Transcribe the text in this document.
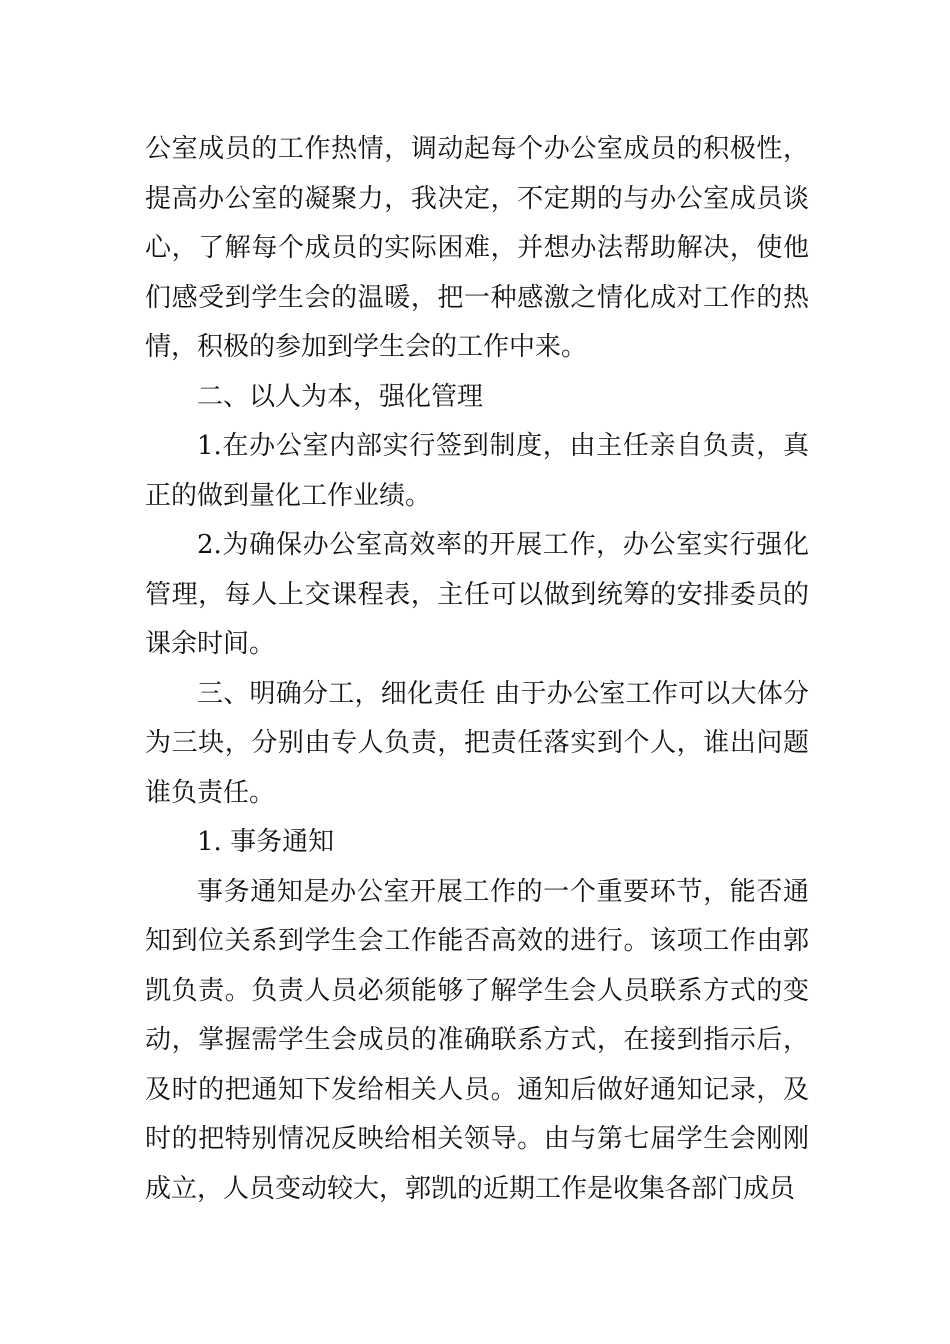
公室成员的工作热情，调动起每个办公室成员的积极性，提高办公室的凝聚力，我决定，不定期的与办公室成员谈心，了解每个成员的实际困难，并想办法帮助解决，使他们感受到学生会的温暖，把一种感激之情化成对工作的热情，积极的参加到学生会的工作中来。

二、以人为本，强化管理

1.在办公室内部实行签到制度，由主任亲自负责，真正的做到量化工作业绩。

2.为确保办公室高效率的开展工作，办公室实行强化管理，每人上交课程表，主任可以做到统筹的安排委员的课余时间。

三、明确分工，细化责任 由于办公室工作可以大体分为三块，分别由专人负责，把责任落实到个人，谁出问题谁负责任。

1. 事务通知

事务通知是办公室开展工作的一个重要环节，能否通知到位关系到学生会工作能否高效的进行。该项工作由郭凯负责。负责人员必须能够了解学生会人员联系方式的变动，掌握需学生会成员的准确联系方式，在接到指示后，及时的把通知下发给相关人员。通知后做好通知记录，及时的把特别情况反映给相关领导。由与第七届学生会刚刚成立，人员变动较大，郭凯的近期工作是收集各部门成员
